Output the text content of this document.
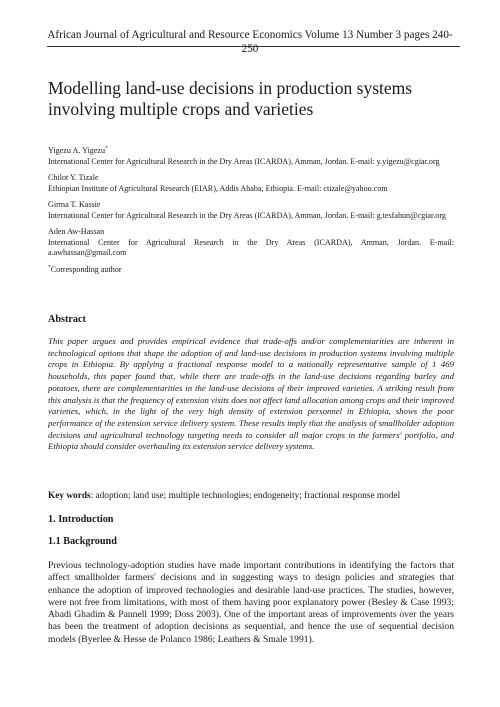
African Journal of Agricultural and Resource Economics Volume 13 Number 3 pages 240-250
Modelling land-use decisions in production systems involving multiple crops and varieties

Yigezu A. Yigezu*
International Center for Agricultural Research in the Dry Areas (ICARDA), Amman, Jordan. E-mail: y.yigezu@cgiar.org

Chilot Y. Tizale
Ethiopian Institute of Agricultural Research (EIAR), Addis Ababa, Ethiopia. E-mail: ctizale@yahoo.com

Girma T. Kassie
International Center for Agricultural Research in the Dry Areas (ICARDA), Amman, Jordan. E-mail: g.tesfahun@cgiar.org

Aden Aw-Hassan
International Center for Agricultural Research in the Dry Areas (ICARDA), Amman, Jordan. E-mail: a.awhassan@gmail.com

*Corresponding author

Abstract

This paper argues and provides empirical evidence that trade-offs and/or complementarities are inherent in technological options that shape the adoption of and land-use decisions in production systems involving multiple crops in Ethiopia. By applying a fractional response model to a nationally representative sample of 1 469 households, this paper found that, while there are trade-offs in the land-use decisions regarding barley and potatoes, there are complementarities in the land-use decisions of their improved varieties. A striking result from this analysis is that the frequency of extension visits does not affect land allocation among crops and their improved varieties, which, in the light of the very high density of extension personnel in Ethiopia, shows the poor performance of the extension service delivery system. These results imply that the analysis of smallholder adoption decisions and agricultural technology targeting needs to consider all major crops in the farmers' portfolio, and Ethiopia should consider overhauling its extension service delivery systems.

Key words: adoption; land use; multiple technologies; endogeneity; fractional response model

1. Introduction
1.1 Background

Previous technology-adoption studies have made important contributions in identifying the factors that affect smallholder farmers' decisions and in suggesting ways to design policies and strategies that enhance the adoption of improved technologies and desirable land-use practices. The studies, however, were not free from limitations, with most of them having poor explanatory power (Besley & Case 1993; Abadi Ghadim & Pannell 1999; Doss 2003). One of the important areas of improvements over the years has been the treatment of adoption decisions as sequential, and hence the use of sequential decision models (Byerlee & Hesse de Polanco 1986; Leathers & Smale 1991).
